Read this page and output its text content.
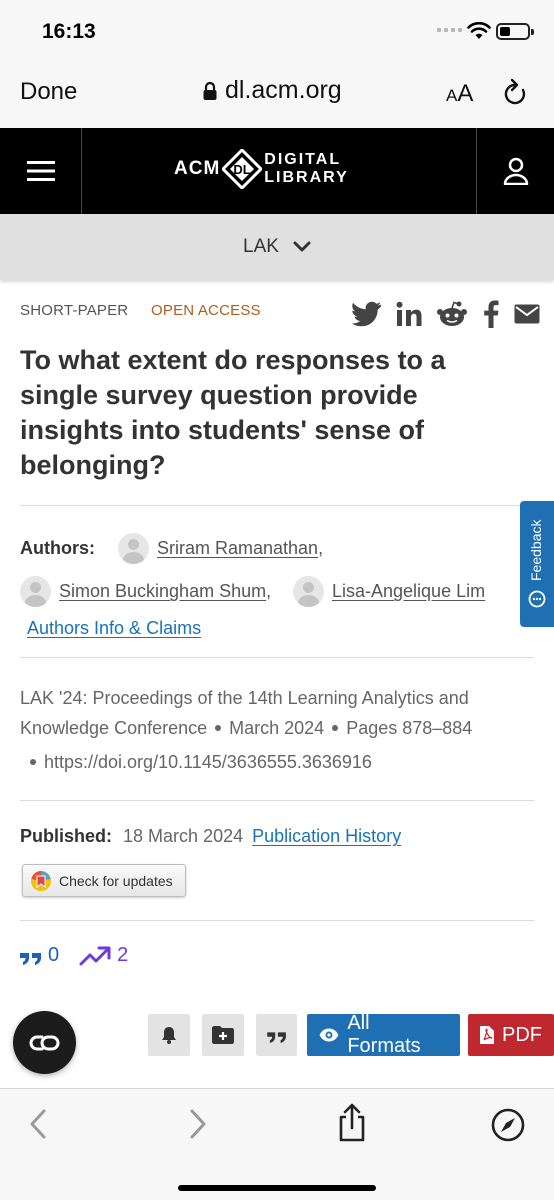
16:13
Done	dl.acm.org	AA
ACM DL
DIGITAL
LIBRARY
LAK
SHORT-PAPER OPEN ACCESS
To what extent do responses to a single survey question provide insights into students' sense of belonging?
Authors:	Sriram Ramanathan ,
Simon Buckingham Shum ,	Lisa-Angelique Lim
Authors Info & Claims
LAK '24: Proceedings of the 14th Learning Analytics and
Knowledge Conference March 2024 Pages 878–884
https://doi.org/10.1145/3636555.3636916
Published: 18 March 2024 Publication History
Check for updates
0	2
All Formats
PDF
Feedback
